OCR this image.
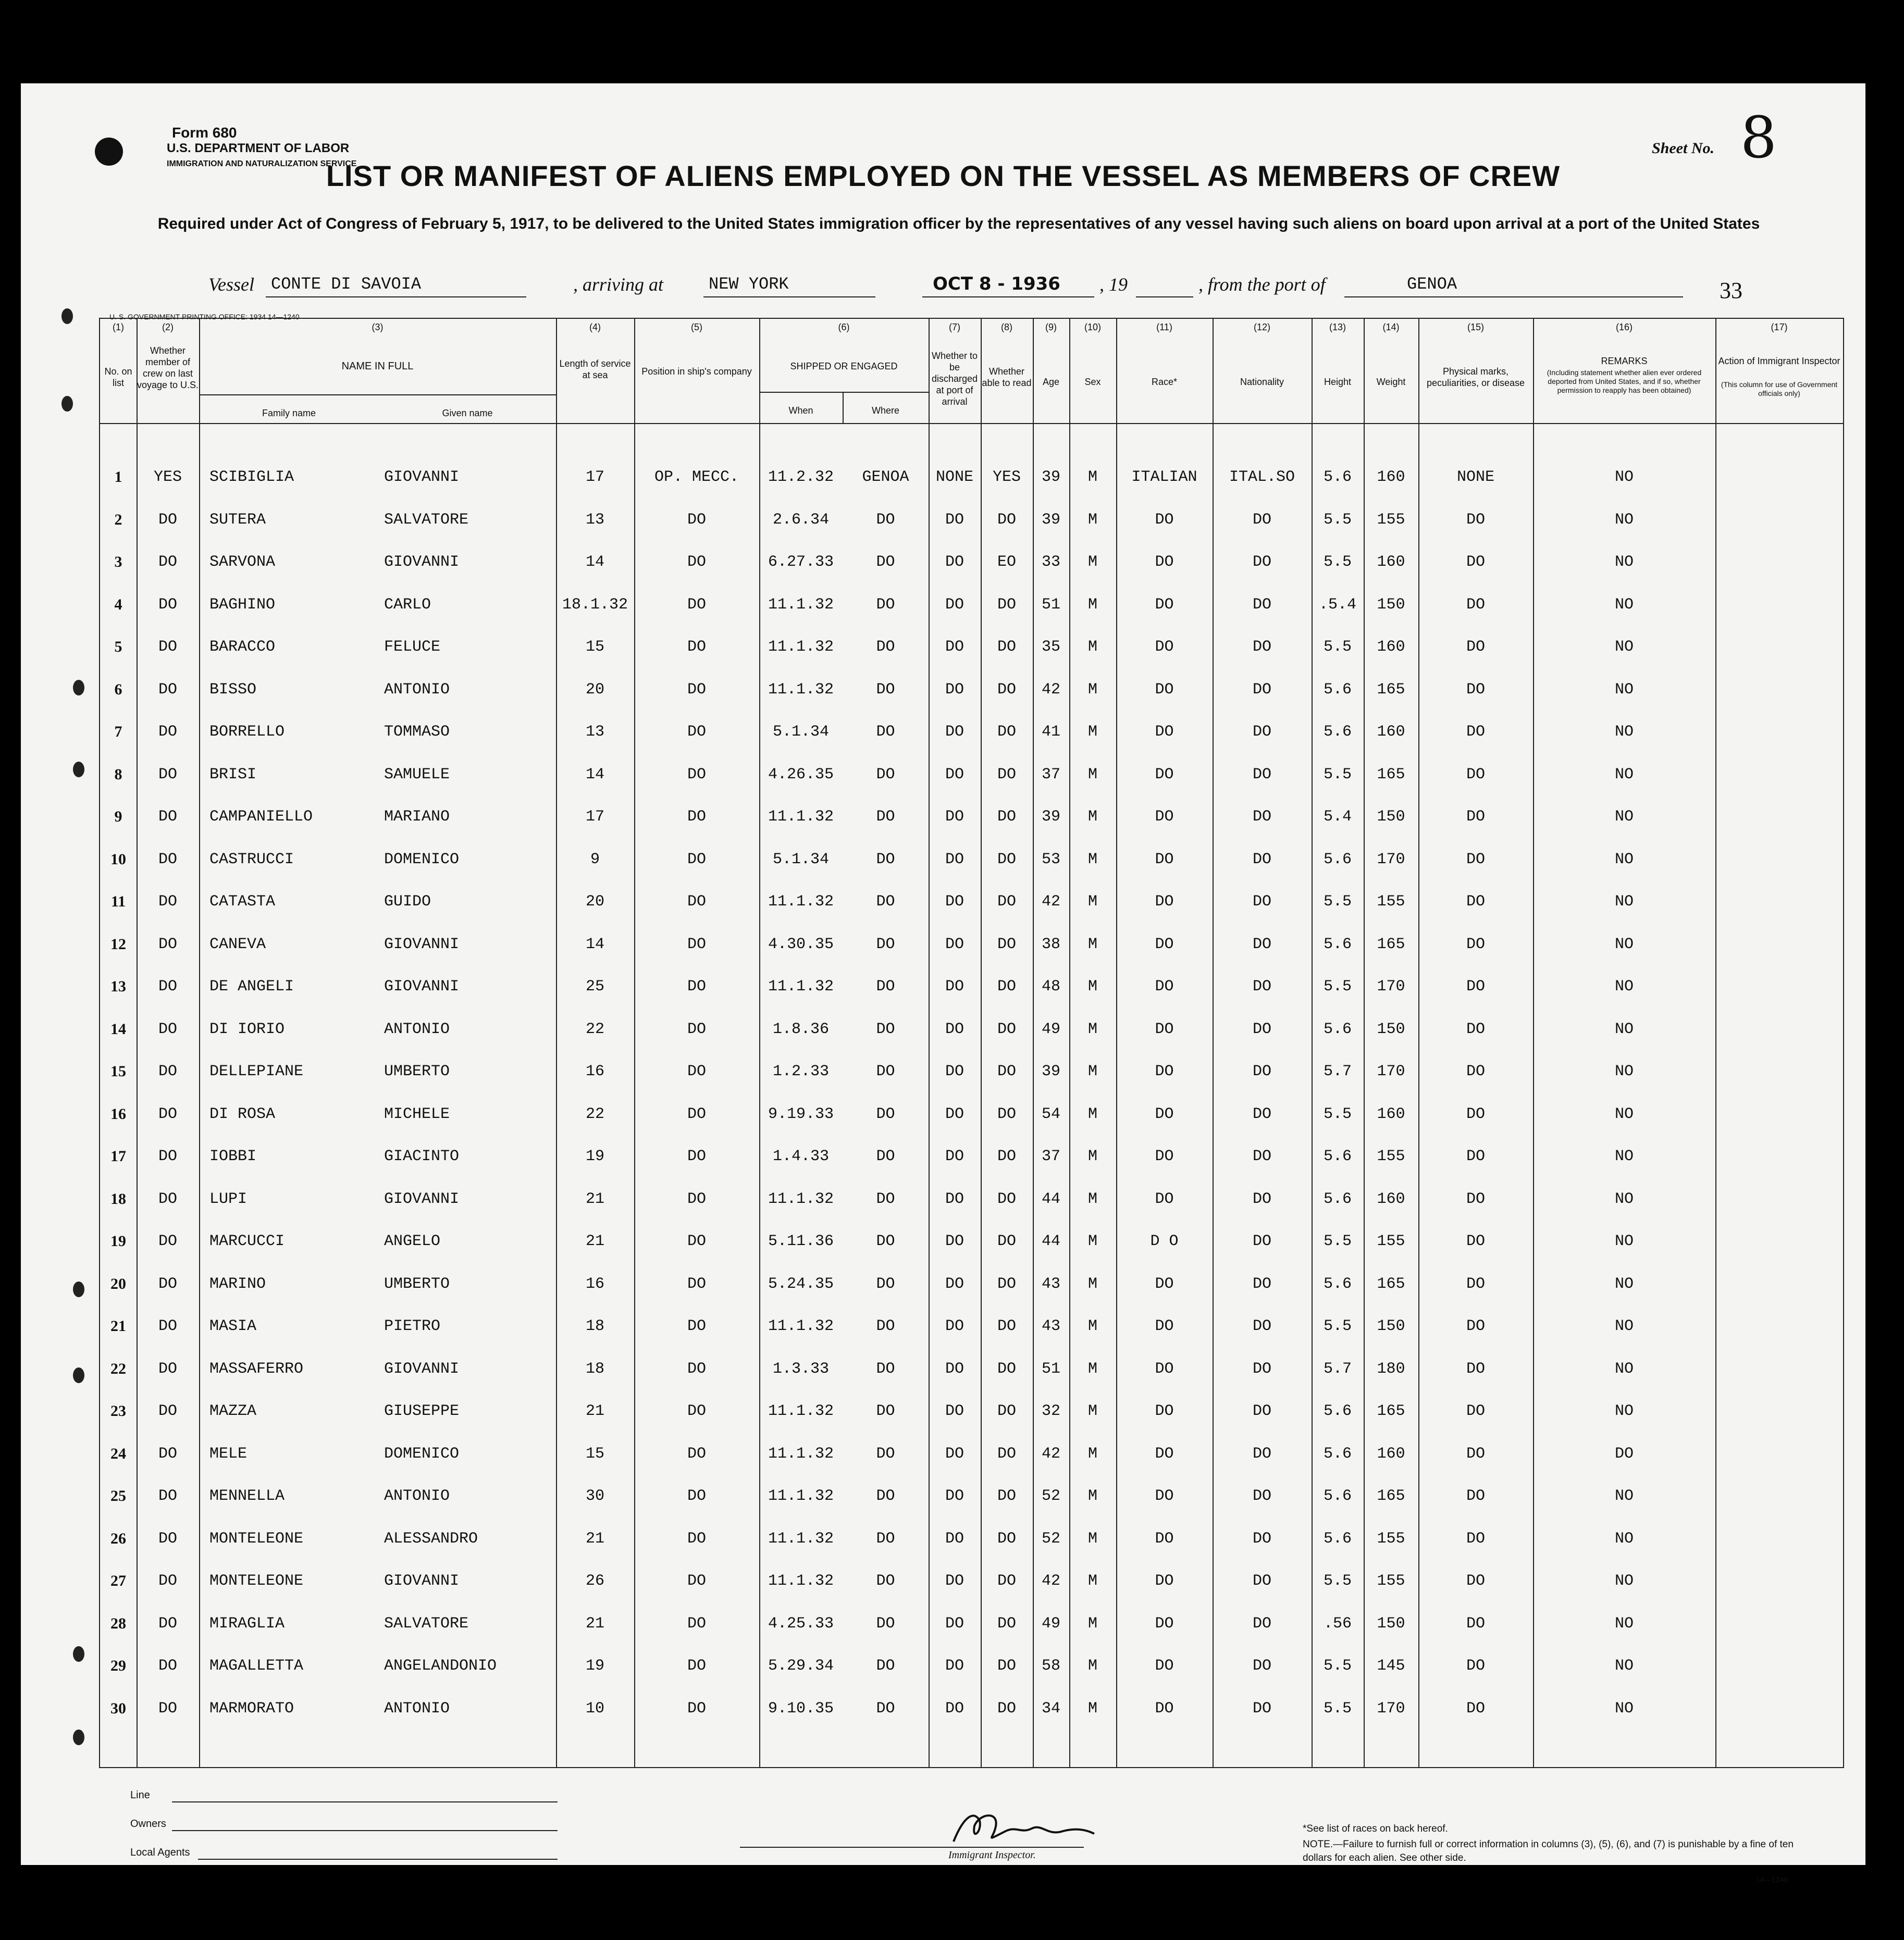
Form 680
U.S. DEPARTMENT OF LABOR
IMMIGRATION AND NATURALIZATION SERVICE
Sheet No. 8
LIST OR MANIFEST OF ALIENS EMPLOYED ON THE VESSEL AS MEMBERS OF CREW
Required under Act of Congress of February 5, 1917, to be delivered to the United States immigration officer by the representatives of any vessel having such aliens on board upon arrival at a port of the United States
Vessel CONTE DI SAVOIA	, arriving at	NEW YORK	OCT 8 - 1936 , 19	, from the port of	GENOA	33
U. S. GOVERNMENT PRINTING OFFICE: 1934 14—1240
(1)	(2)	(3)	(4)	(5)	(6)	(7)	(8)	(9)	(10)	(11)	(12)	(13)	(14)	(15)	(16)	(17)
No. on list
Whether member of crew on last voyage to U.S.
NAME IN FULL
Family name	Given name
Length of service at sea	Position in ship's company	SHIPPED OR ENGAGED
When	Where
Whether to be discharged at port of arrival
Whether able to read	Age	Sex	Race*	Nationality	Height	Weight
Physical marks, peculiarities, or disease
REMARKS
(Including statement whether alien ever ordered deported from United States, and if so, whether permission to reapply has been obtained)
Action of Immigrant Inspector
(This column for use of Government officials only)
1	YES	SCIBIGLIA	GIOVANNI	17	OP. MECC.	11.2.32	GENOA	NONE	YES	39	M	ITALIAN	ITAL.SO	5.6	160	NONE	NO
2	DO	SUTERA	SALVATORE	13	DO	2.6.34	DO	DO	DO	39	M	DO	DO	5.5	155	DO	NO
3	DO	SARVONA	GIOVANNI	14	DO	6.27.33	DO	DO	EO	33	M	DO	DO	5.5	160	DO	NO
4	DO	BAGHINO	CARLO	18.1.32	DO	11.1.32	DO	DO	DO	51	M	DO	DO	.5.4	150	DO	NO
5	DO	BARACCO	FELUCE	15	DO	11.1.32	DO	DO	DO	35	M	DO	DO	5.5	160	DO	NO
6	DO	BISSO	ANTONIO	20	DO	11.1.32	DO	DO	DO	42	M	DO	DO	5.6	165	DO	NO
7	DO	BORRELLO	TOMMASO	13	DO	5.1.34	DO	DO	DO	41	M	DO	DO	5.6	160	DO	NO
8	DO	BRISI	SAMUELE	14	DO	4.26.35	DO	DO	DO	37	M	DO	DO	5.5	165	DO	NO
9	DO	CAMPANIELLO	MARIANO	17	DO	11.1.32	DO	DO	DO	39	M	DO	DO	5.4	150	DO	NO
10	DO	CASTRUCCI	DOMENICO	9	DO	5.1.34	DO	DO	DO	53	M	DO	DO	5.6	170	DO	NO
11	DO	CATASTA	GUIDO	20	DO	11.1.32	DO	DO	DO	42	M	DO	DO	5.5	155	DO	NO
12	DO	CANEVA	GIOVANNI	14	DO	4.30.35	DO	DO	DO	38	M	DO	DO	5.6	165	DO	NO
13	DO	DE ANGELI	GIOVANNI	25	DO	11.1.32	DO	DO	DO	48	M	DO	DO	5.5	170	DO	NO
14	DO	DI IORIO	ANTONIO	22	DO	1.8.36	DO	DO	DO	49	M	DO	DO	5.6	150	DO	NO
15	DO	DELLEPIANE	UMBERTO	16	DO	1.2.33	DO	DO	DO	39	M	DO	DO	5.7	170	DO	NO
16	DO	DI ROSA	MICHELE	22	DO	9.19.33	DO	DO	DO	54	M	DO	DO	5.5	160	DO	NO
17	DO	IOBBI	GIACINTO	19	DO	1.4.33	DO	DO	DO	37	M	DO	DO	5.6	155	DO	NO
18	DO	LUPI	GIOVANNI	21	DO	11.1.32	DO	DO	DO	44	M	DO	DO	5.6	160	DO	NO
19	DO	MARCUCCI	ANGELO	21	DO	5.11.36	DO	DO	DO	44	M	D O	DO	5.5	155	DO	NO
20	DO	MARINO	UMBERTO	16	DO	5.24.35	DO	DO	DO	43	M	DO	DO	5.6	165	DO	NO
21	DO	MASIA	PIETRO	18	DO	11.1.32	DO	DO	DO	43	M	DO	DO	5.5	150	DO	NO
22	DO	MASSAFERRO	GIOVANNI	18	DO	1.3.33	DO	DO	DO	51	M	DO	DO	5.7	180	DO	NO
23	DO	MAZZA	GIUSEPPE	21	DO	11.1.32	DO	DO	DO	32	M	DO	DO	5.6	165	DO	NO
24	DO	MELE	DOMENICO	15	DO	11.1.32	DO	DO	DO	42	M	DO	DO	5.6	160	DO	DO
25	DO	MENNELLA	ANTONIO	30	DO	11.1.32	DO	DO	DO	52	M	DO	DO	5.6	165	DO	NO
26	DO	MONTELEONE	ALESSANDRO	21	DO	11.1.32	DO	DO	DO	52	M	DO	DO	5.6	155	DO	NO
27	DO	MONTELEONE	GIOVANNI	26	DO	11.1.32	DO	DO	DO	42	M	DO	DO	5.5	155	DO	NO
28	DO	MIRAGLIA	SALVATORE	21	DO	4.25.33	DO	DO	DO	49	M	DO	DO	.56	150	DO	NO
29	DO	MAGALLETTA	ANGELANDONIO	19	DO	5.29.34	DO	DO	DO	58	M	DO	DO	5.5	145	DO	NO
30	DO	MARMORATO	ANTONIO	10	DO	9.10.35	DO	DO	DO	34	M	DO	DO	5.5	170	DO	NO
Line
Owners
Local Agents	Immigrant Inspector.
*See list of races on back hereof.
NOTE.—Failure to furnish full or correct information in columns (3), (5), (6), and (7) is punishable by a fine of ten dollars for each alien. See other side.
14—1240
